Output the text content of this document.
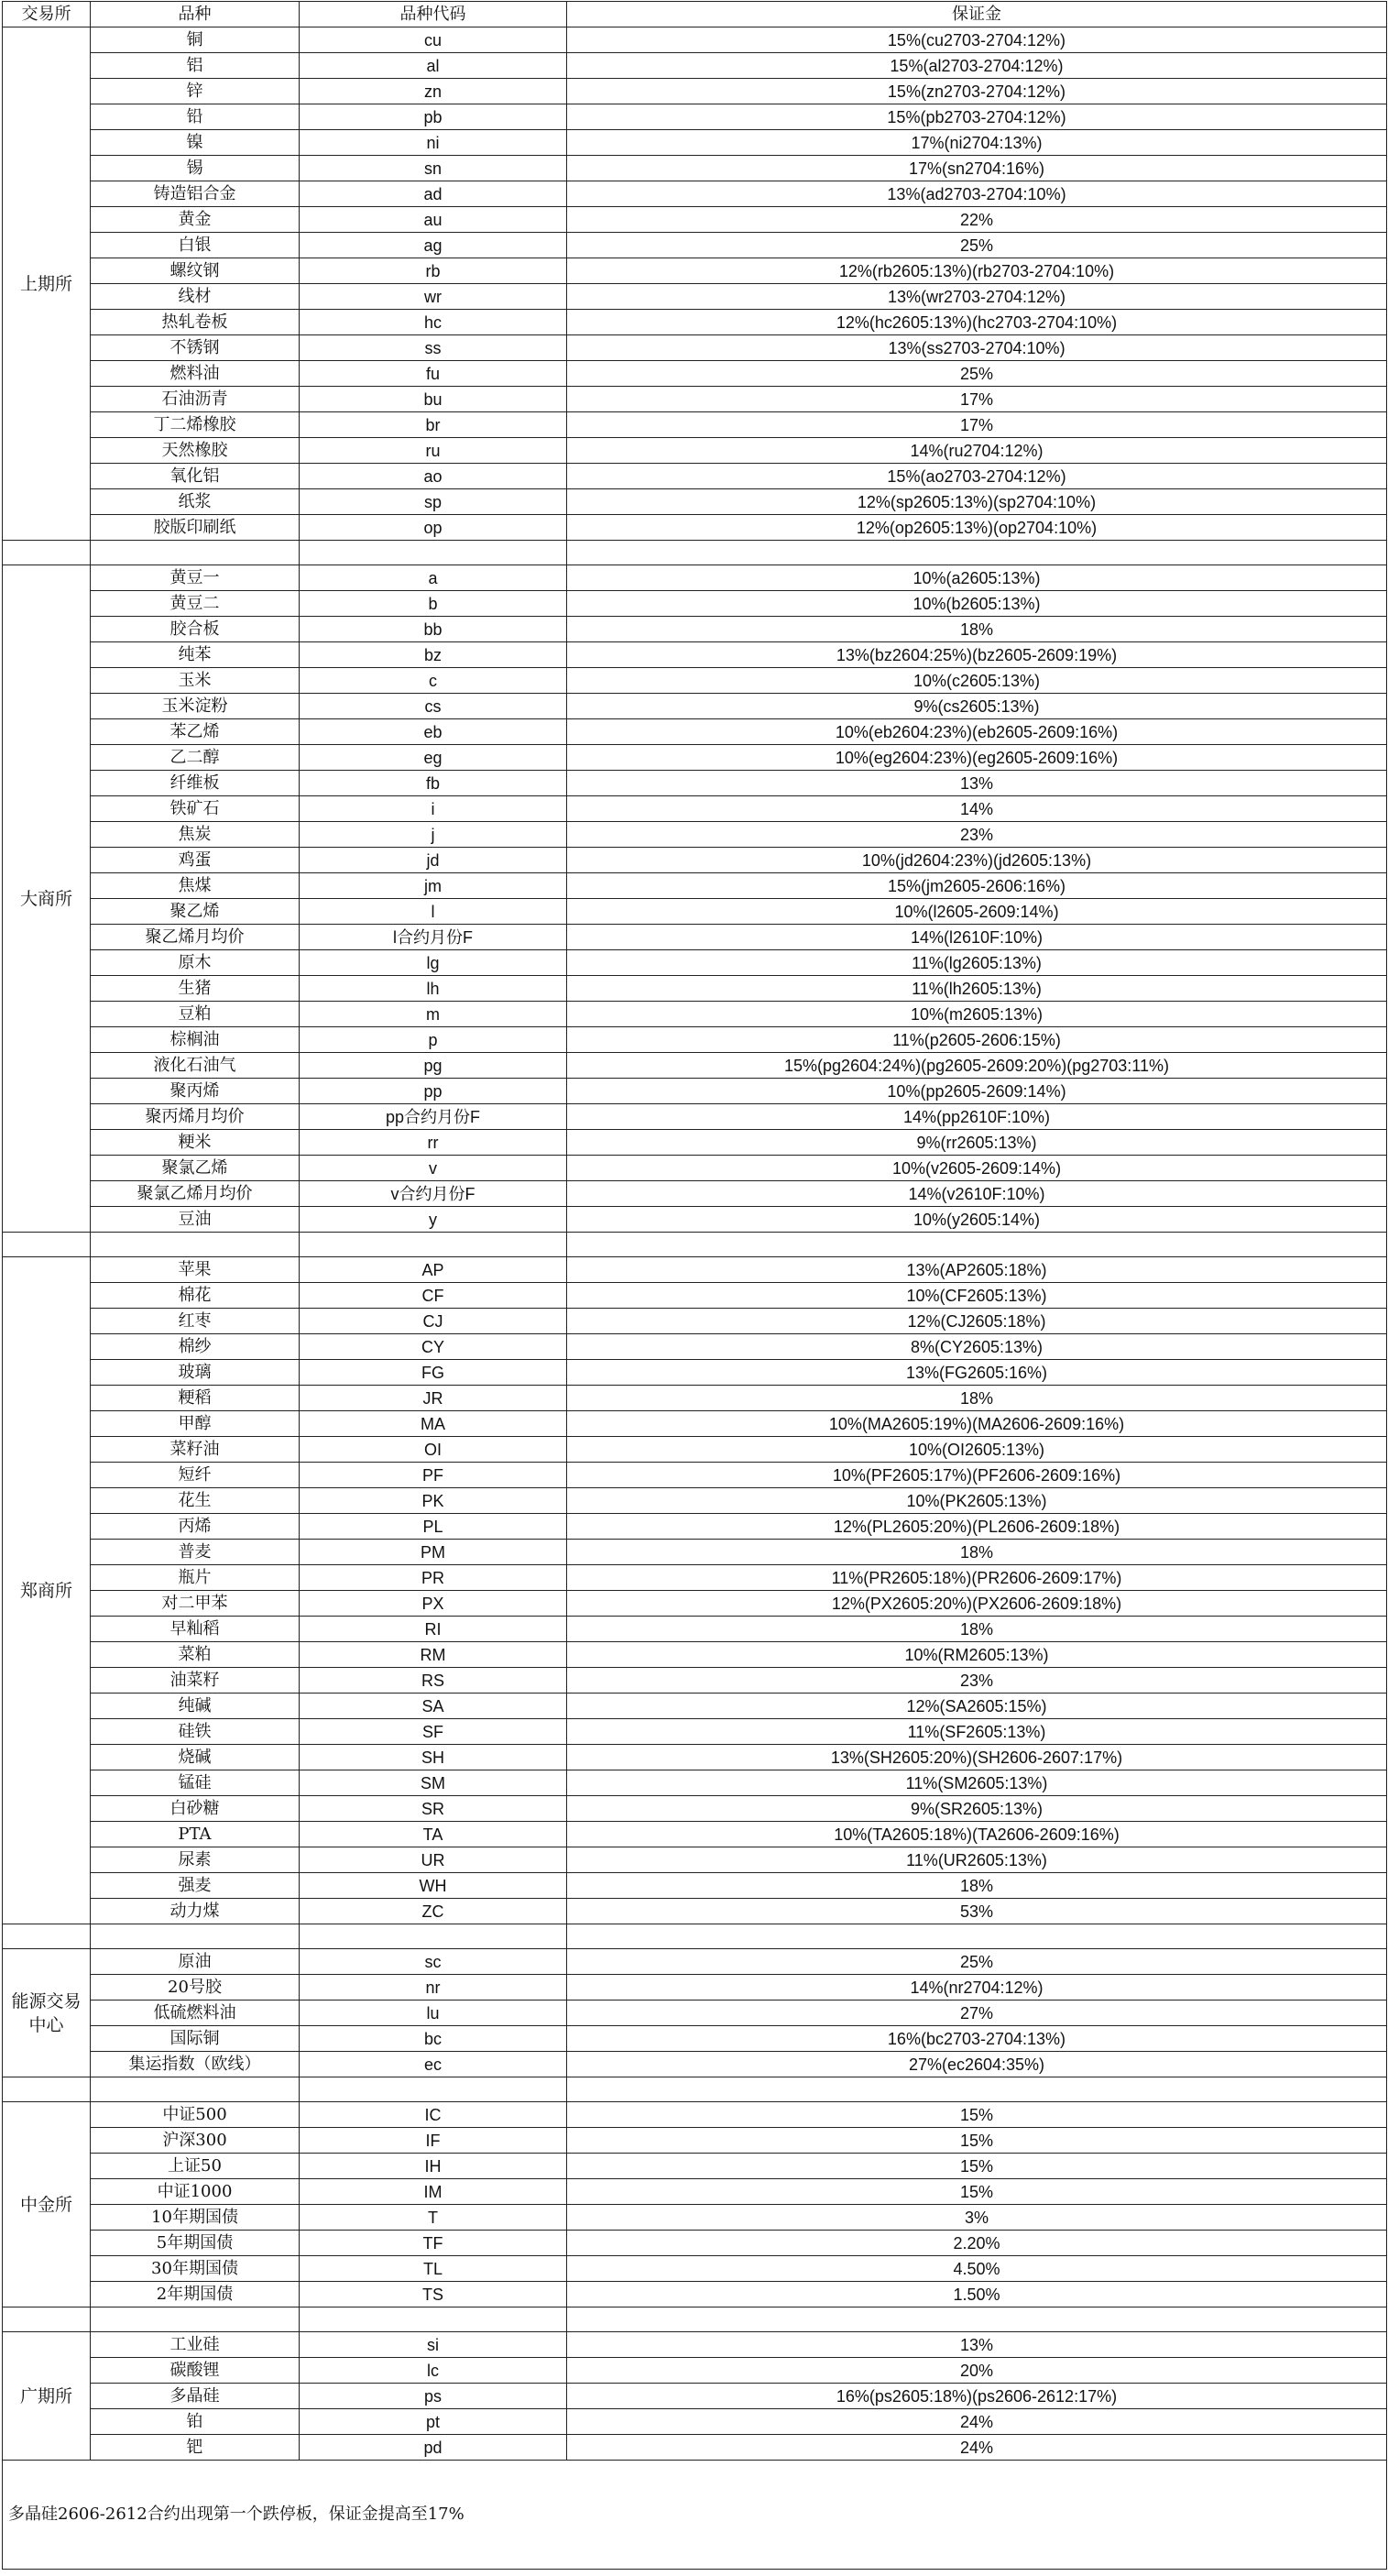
交易所	品种	品种代码	保证金
上期所	铜	cu	15%(cu2703-2704:12%)
	铝	al	15%(al2703-2704:12%)
	锌	zn	15%(zn2703-2704:12%)
	铅	pb	15%(pb2703-2704:12%)
	镍	ni	17%(ni2704:13%)
	锡	sn	17%(sn2704:16%)
	铸造铝合金	ad	13%(ad2703-2704:10%)
	黄金	au	22%
	白银	ag	25%
	螺纹钢	rb	12%(rb2605:13%)(rb2703-2704:10%)
	线材	wr	13%(wr2703-2704:12%)
	热轧卷板	hc	12%(hc2605:13%)(hc2703-2704:10%)
	不锈钢	ss	13%(ss2703-2704:10%)
	燃料油	fu	25%
	石油沥青	bu	17%
	丁二烯橡胶	br	17%
	天然橡胶	ru	14%(ru2704:12%)
	氧化铝	ao	15%(ao2703-2704:12%)
	纸浆	sp	12%(sp2605:13%)(sp2704:10%)
	胶版印刷纸	op	12%(op2605:13%)(op2704:10%)

大商所	黄豆一	a	10%(a2605:13%)
	黄豆二	b	10%(b2605:13%)
	胶合板	bb	18%
	纯苯	bz	13%(bz2604:25%)(bz2605-2609:19%)
	玉米	c	10%(c2605:13%)
	玉米淀粉	cs	9%(cs2605:13%)
	苯乙烯	eb	10%(eb2604:23%)(eb2605-2609:16%)
	乙二醇	eg	10%(eg2604:23%)(eg2605-2609:16%)
	纤维板	fb	13%
	铁矿石	i	14%
	焦炭	j	23%
	鸡蛋	jd	10%(jd2604:23%)(jd2605:13%)
	焦煤	jm	15%(jm2605-2606:16%)
	聚乙烯	l	10%(l2605-2609:14%)
	聚乙烯月均价	l合约月份F	14%(l2610F:10%)
	原木	lg	11%(lg2605:13%)
	生猪	lh	11%(lh2605:13%)
	豆粕	m	10%(m2605:13%)
	棕榈油	p	11%(p2605-2606:15%)
	液化石油气	pg	15%(pg2604:24%)(pg2605-2609:20%)(pg2703:11%)
	聚丙烯	pp	10%(pp2605-2609:14%)
	聚丙烯月均价	pp合约月份F	14%(pp2610F:10%)
	粳米	rr	9%(rr2605:13%)
	聚氯乙烯	v	10%(v2605-2609:14%)
	聚氯乙烯月均价	v合约月份F	14%(v2610F:10%)
	豆油	y	10%(y2605:14%)

郑商所	苹果	AP	13%(AP2605:18%)
	棉花	CF	10%(CF2605:13%)
	红枣	CJ	12%(CJ2605:18%)
	棉纱	CY	8%(CY2605:13%)
	玻璃	FG	13%(FG2605:16%)
	粳稻	JR	18%
	甲醇	MA	10%(MA2605:19%)(MA2606-2609:16%)
	菜籽油	OI	10%(OI2605:13%)
	短纤	PF	10%(PF2605:17%)(PF2606-2609:16%)
	花生	PK	10%(PK2605:13%)
	丙烯	PL	12%(PL2605:20%)(PL2606-2609:18%)
	普麦	PM	18%
	瓶片	PR	11%(PR2605:18%)(PR2606-2609:17%)
	对二甲苯	PX	12%(PX2605:20%)(PX2606-2609:18%)
	早籼稻	RI	18%
	菜粕	RM	10%(RM2605:13%)
	油菜籽	RS	23%
	纯碱	SA	12%(SA2605:15%)
	硅铁	SF	11%(SF2605:13%)
	烧碱	SH	13%(SH2605:20%)(SH2606-2607:17%)
	锰硅	SM	11%(SM2605:13%)
	白砂糖	SR	9%(SR2605:13%)
	PTA	TA	10%(TA2605:18%)(TA2606-2609:16%)
	尿素	UR	11%(UR2605:13%)
	强麦	WH	18%
	动力煤	ZC	53%

能源交易中心	原油	sc	25%
	20号胶	nr	14%(nr2704:12%)
	低硫燃料油	lu	27%
	国际铜	bc	16%(bc2703-2704:13%)
	集运指数（欧线）	ec	27%(ec2604:35%)

中金所	中证500	IC	15%
	沪深300	IF	15%
	上证50	IH	15%
	中证1000	IM	15%
	10年期国债	T	3%
	5年期国债	TF	2.20%
	30年期国债	TL	4.50%
	2年期国债	TS	1.50%

广期所	工业硅	si	13%
	碳酸锂	lc	20%
	多晶硅	ps	16%(ps2605:18%)(ps2606-2612:17%)
	铂	pt	24%
	钯	pd	24%
多晶硅2606-2612合约出现第一个跌停板，保证金提高至17%			
